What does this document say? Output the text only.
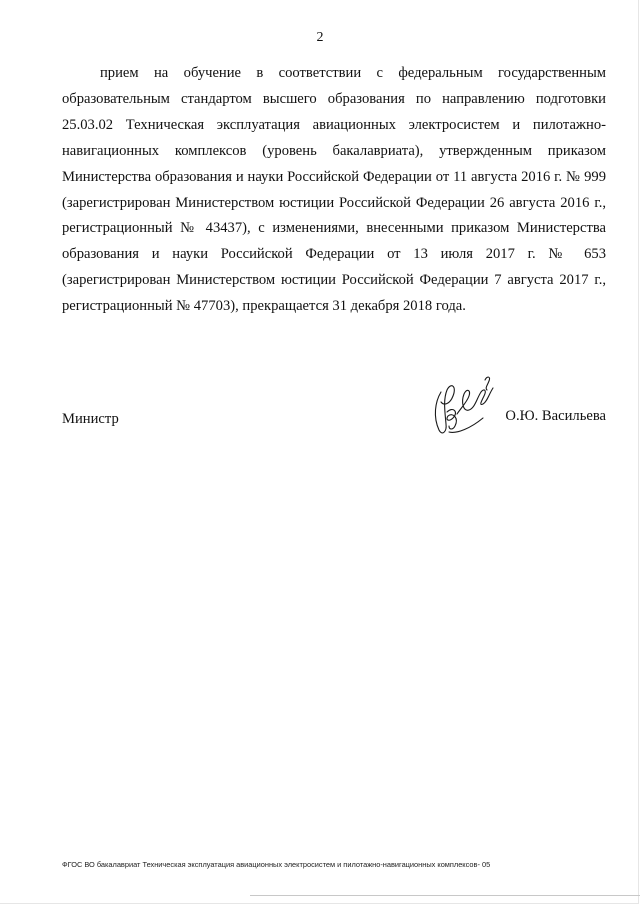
2

прием на обучение в соответствии с федеральным государственным образовательным стандартом высшего образования по направлению подготовки 25.03.02 Техническая эксплуатация авиационных электросистем и пилотажно-навигационных комплексов (уровень бакалавриата), утвержденным приказом Министерства образования и науки Российской Федерации от 11 августа 2016 г. № 999 (зарегистрирован Министерством юстиции Российской Федерации 26 августа 2016 г., регистрационный № 43437), с изменениями, внесенными приказом Министерства образования и науки Российской Федерации от 13 июля 2017 г. № 653 (зарегистрирован Министерством юстиции Российской Федерации 7 августа 2017 г., регистрационный № 47703), прекращается 31 декабря 2018 года.

Министр	О.Ю. Васильева
ФГОС ВО бакалавриат Техническая эксплуатация авиационных электросистем и пилотажно-навигационных комплексов- 05
